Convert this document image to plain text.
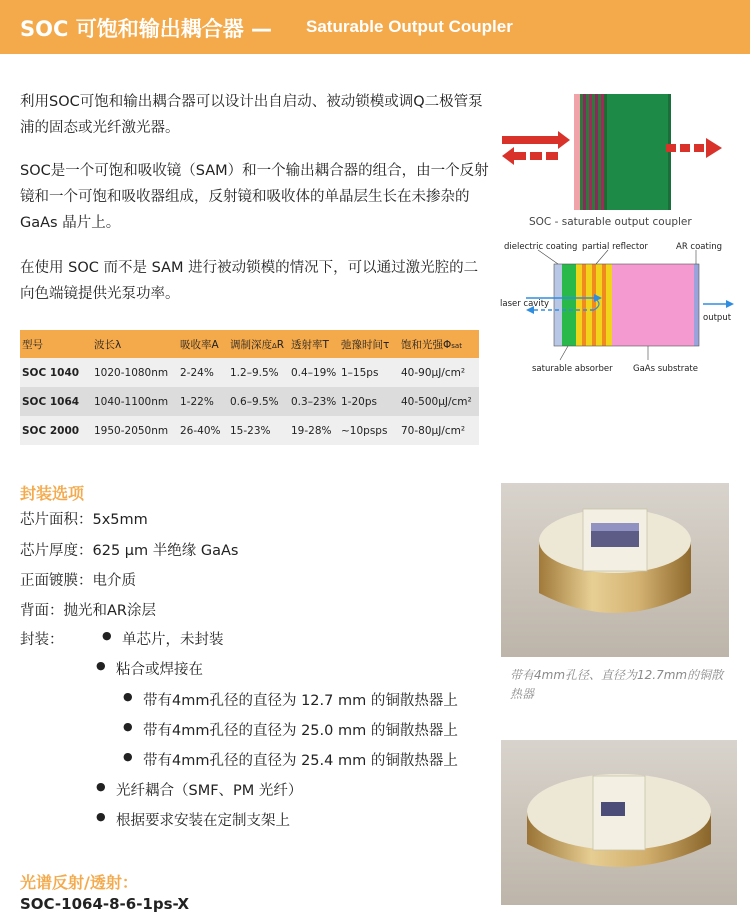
SOC 可饱和输出耦合器 — Saturable Output Coupler
利用SOC可饱和输出耦合器可以设计出自启动、被动锁模或调Q二极管泵浦的固态或光纤激光器。
SOC是一个可饱和吸收镜（SAM）和一个输出耦合器的组合，由一个反射镜和一个可饱和吸收器组成，反射镜和吸收体的单晶层生长在未掺杂的 GaAs 晶片上。
在使用 SOC 而不是 SAM 进行被动锁模的情况下，可以通过激光腔的二向色端镜提供光泵功率。
SOC - saturable output coupler
dielectric coating partial reflector	AR coating
laser cavity
output
saturable absorber GaAs substrate
型号	波长λ	吸收率A	调制深度ΔR	透射率T	弛豫时间τ	饱和光强Φsat
SOC 1040	1020-1080nm	2-24%	1.2–9.5%	0.4–19%	1–15ps	40-90μJ/cm²
SOC 1064	1040-1100nm	1-22%	0.6–9.5%	0.3–23%	1-20ps	40-500μJ/cm²
SOC 2000	1950-2050nm	26-40%	15-23%	19-28%	~10psps	70-80μJ/cm²
封装选项
芯片面积：5x5mm
芯片厚度：625 μm 半绝缘 GaAs
正面镀膜：电介质
背面：抛光和AR涂层
封装：	● 单芯片，未封装
● 粘合或焊接在
● 带有4mm孔径的直径为 12.7 mm 的铜散热器上
● 带有4mm孔径的直径为 25.0 mm 的铜散热器上
● 带有4mm孔径的直径为 25.4 mm 的铜散热器上
● 光纤耦合（SMF、PM 光纤）
● 根据要求安装在定制支架上
带有4mm孔径、直径为12.7mm的铜散热器
光谱反射/透射：
SOC-1064-8-6-1ps-X
